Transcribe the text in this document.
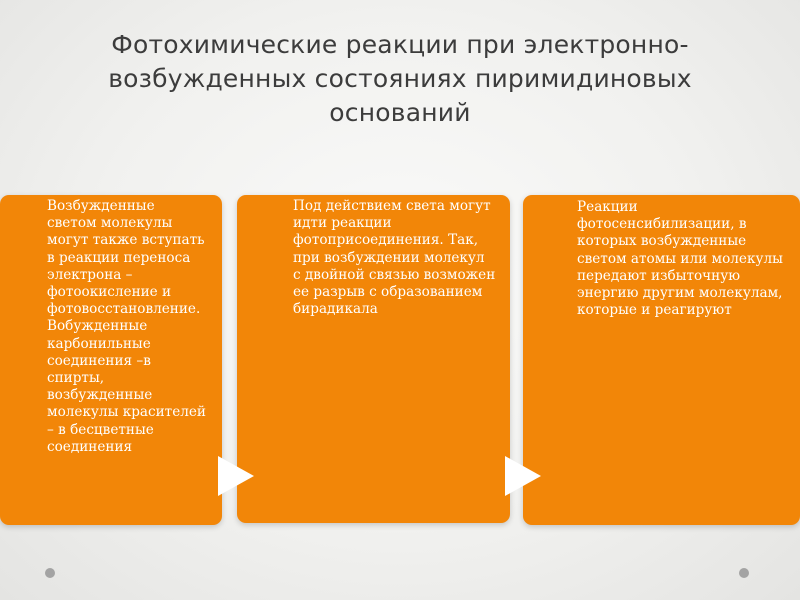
Фотохимические реакции при электронно-возбужденных состояниях пиримидиновых оснований
Возбужденные светом молекулы могут также вступать в реакции переноса электрона – фотоокисление и фотовосстановление. Вобужденные карбонильные соединения –в спирты, возбужденные молекулы красителей – в бесцветные соединения
Под действием света могут идти реакции фотоприсоединения. Так, при возбуждении молекул с двойной связью возможен ее разрыв с образованием бирадикала
Реакции фотосенсибилизации, в которых возбужденные светом атомы или молекулы передают избыточную энергию другим молекулам, которые и реагируют
